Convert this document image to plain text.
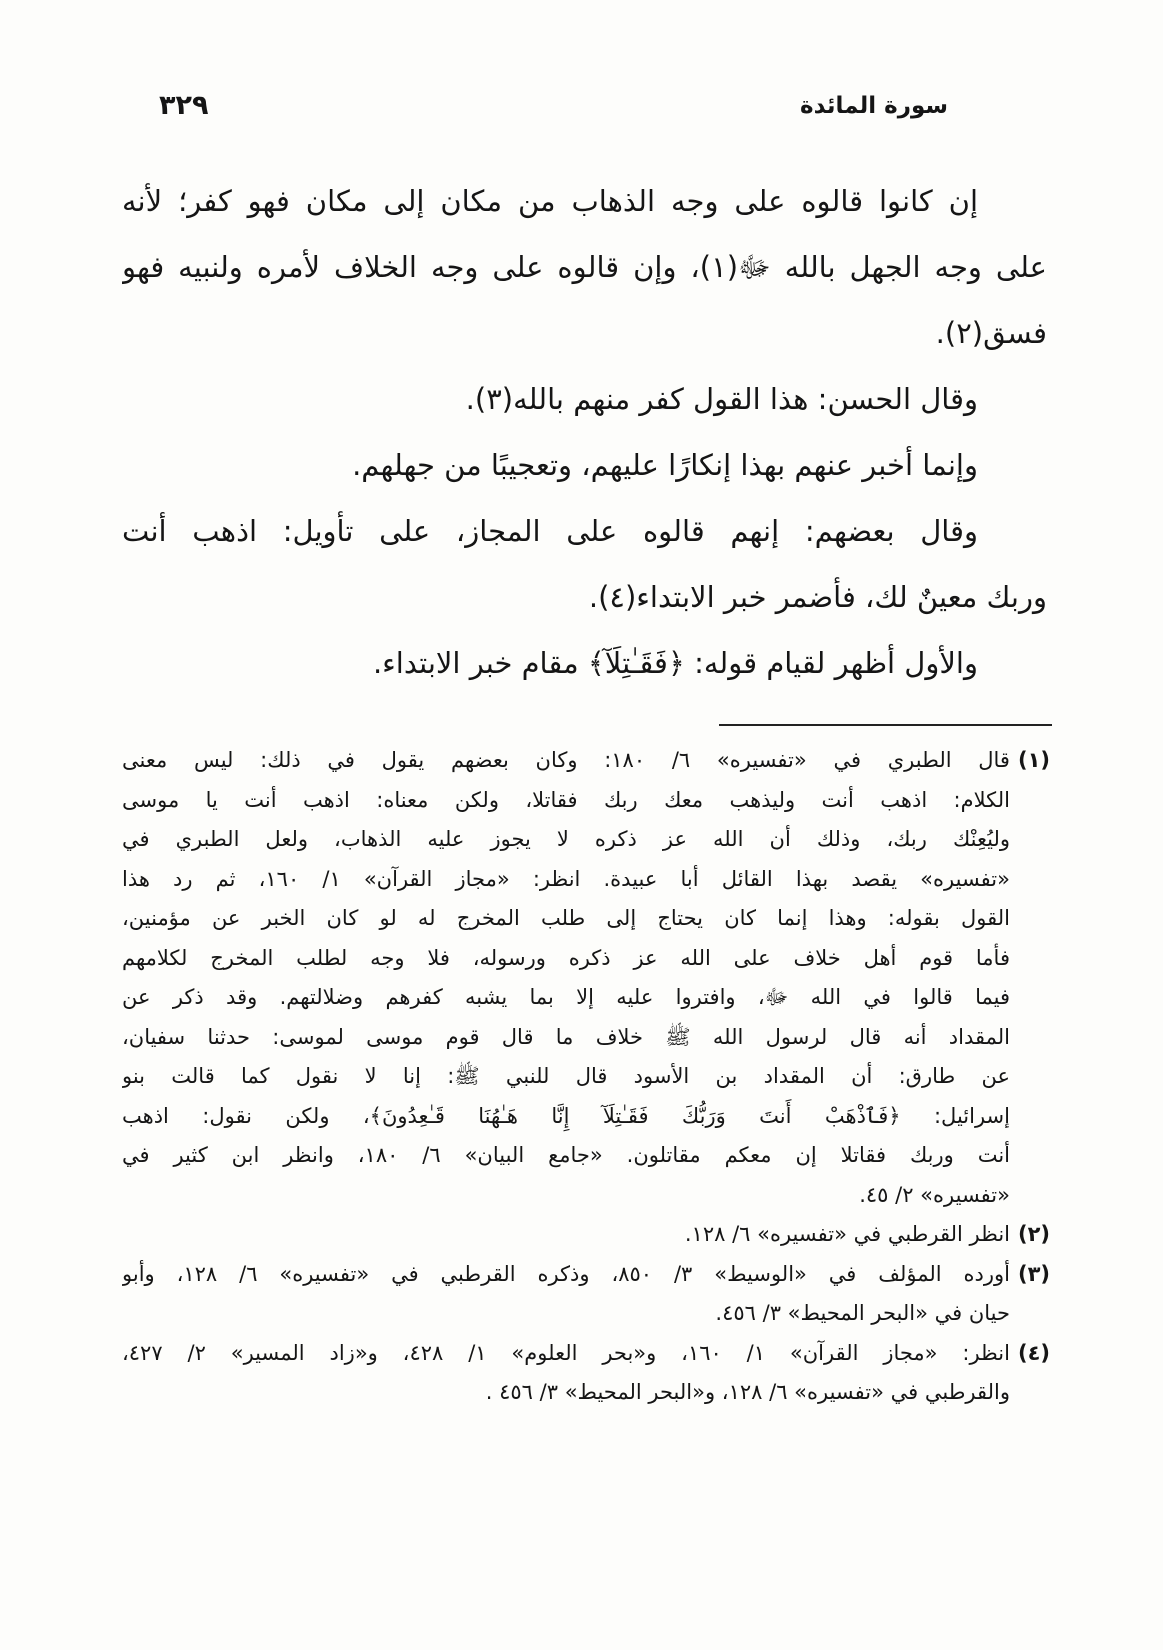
سورة المائدة
٣٢٩
إن كانوا قالوه على وجه الذهاب من مكان إلى مكان فهو كفر؛ لأنه
على وجه الجهل بالله ﷻ(١)، وإن قالوه على وجه الخلاف لأمره ولنبيه فهو
فسق(٢).
وقال الحسن: هذا القول كفر منهم بالله(٣).
وإنما أخبر عنهم بهذا إنكارًا عليهم، وتعجيبًا من جهلهم.
وقال بعضهم: إنهم قالوه على المجاز، على تأويل: اذهب أنت
وربك معينٌ لك، فأضمر خبر الابتداء(٤).
والأول أظهر لقيام قوله: ﴿فَقَـٰتِلَآ﴾ مقام خبر الابتداء.
(١)
قال الطبري في «تفسيره» ٦/ ١٨٠: وكان بعضهم يقول في ذلك: ليس معنى
الكلام: اذهب أنت وليذهب معك ربك فقاتلا، ولكن معناه: اذهب أنت يا موسى
وليُعِنْك ربك، وذلك أن الله عز ذكره لا يجوز عليه الذهاب، ولعل الطبري في
«تفسيره» يقصد بهذا القائل أبا عبيدة. انظر: «مجاز القرآن» ١/ ١٦٠، ثم رد هذا
القول بقوله: وهذا إنما كان يحتاج إلى طلب المخرج له لو كان الخبر عن مؤمنين،
فأما قوم أهل خلاف على الله عز ذكره ورسوله، فلا وجه لطلب المخرج لكلامهم
فيما قالوا في الله ﷻ، وافتروا عليه إلا بما يشبه كفرهم وضلالتهم. وقد ذكر عن
المقداد أنه قال لرسول الله ﷺ خلاف ما قال قوم موسى لموسى: حدثنا سفيان،
عن طارق: أن المقداد بن الأسود قال للنبي ﷺ: إنا لا نقول كما قالت بنو
إسرائيل: ﴿فَٱذْهَبْ أَنتَ وَرَبُّكَ فَقَـٰتِلَآ إِنَّا هَـٰهُنَا قَـٰعِدُونَ﴾، ولكن نقول: اذهب
أنت وربك فقاتلا إن معكم مقاتلون. «جامع البيان» ٦/ ١٨٠، وانظر ابن كثير في
«تفسيره» ٢/ ٤٥.
(٢)
انظر القرطبي في «تفسيره» ٦/ ١٢٨.
(٣)
أورده المؤلف في «الوسيط» ٣/ ٨٥٠، وذكره القرطبي في «تفسيره» ٦/ ١٢٨، وأبو
حيان في «البحر المحيط» ٣/ ٤٥٦.
(٤)
انظر: «مجاز القرآن» ١/ ١٦٠، و«بحر العلوم» ١/ ٤٢٨، و«زاد المسير» ٢/ ٤٢٧،
والقرطبي في «تفسيره» ٦/ ١٢٨، و«البحر المحيط» ٣/ ٤٥٦ .
